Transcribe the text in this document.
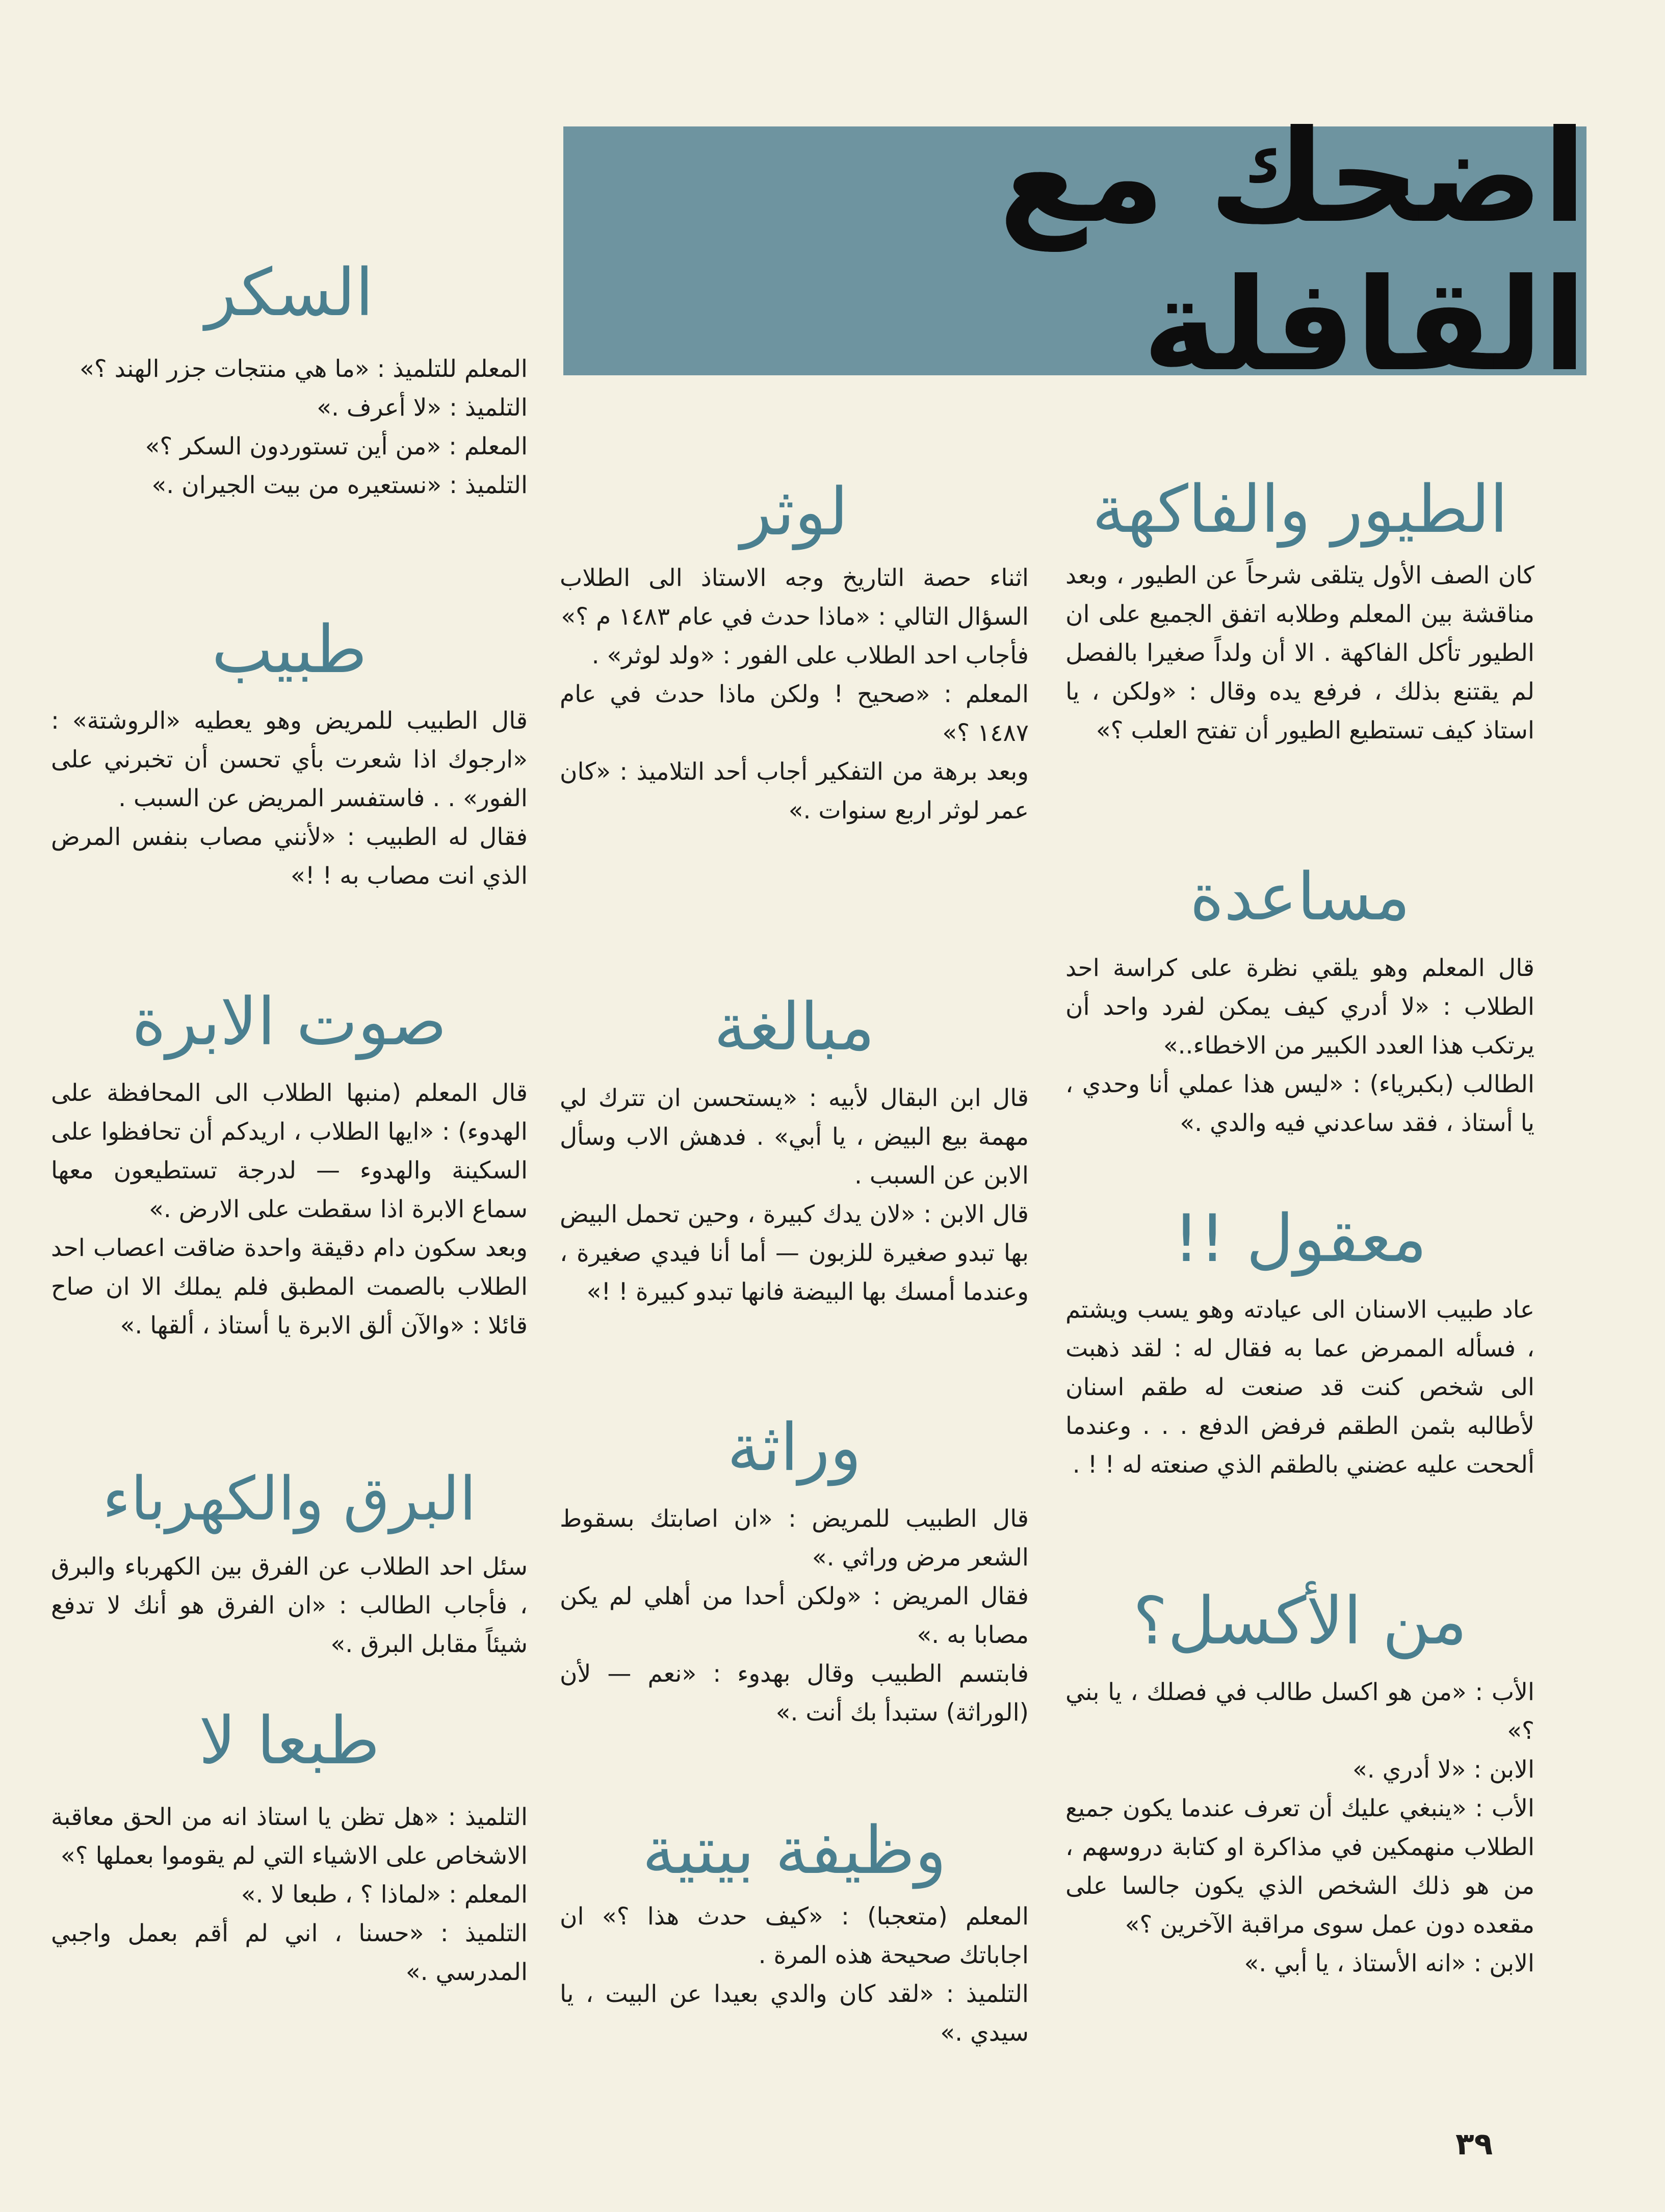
اضحك مع القافلة
الطيور والفاكهة

كان الصف الأول يتلقى شرحاً عن الطيور ، وبعد مناقشة بين المعلم وطلابه اتفق الجميع على ان الطيور تأكل الفاكهة . الا أن ولداً صغيرا بالفصل لم يقتنع بذلك ، فرفع يده وقال : «ولكن ، يا استاذ كيف تستطيع الطيور أن تفتح العلب ؟»

مساعدة

قال المعلم وهو يلقي نظرة على كراسة احد الطلاب : «لا أدري كيف يمكن لفرد واحد أن يرتكب هذا العدد الكبير من الاخطاء..»

الطالب (بكبرياء) : «ليس هذا عملي أنا وحدي ، يا أستاذ ، فقد ساعدني فيه والدي .»

معقول !!

عاد طبيب الاسنان الى عيادته وهو يسب ويشتم ، فسأله الممرض عما به فقال له : لقد ذهبت الى شخص كنت قد صنعت له طقم اسنان لأطالبه بثمن الطقم فرفض الدفع . . . وعندما ألححت عليه عضني بالطقم الذي صنعته له ! ! .

من الأكسل؟

الأب : «من هو اكسل طالب في فصلك ، يا بني ؟»

الابن : «لا أدري .»

الأب : «ينبغي عليك أن تعرف عندما يكون جميع الطلاب منهمكين في مذاكرة او كتابة دروسهم ، من هو ذلك الشخص الذي يكون جالسا على مقعده دون عمل سوى مراقبة الآخرين ؟»

الابن : «انه الأستاذ ، يا أبي .»

لوثر

اثناء حصة التاريخ وجه الاستاذ الى الطلاب السؤال التالي : «ماذا حدث في عام ١٤٨٣ م ؟»

فأجاب احد الطلاب على الفور : «ولد لوثر» .

المعلم : «صحيح ! ولكن ماذا حدث في عام ١٤٨٧ ؟»

وبعد برهة من التفكير أجاب أحد التلاميذ : «كان عمر لوثر اربع سنوات .»

مبالغة

قال ابن البقال لأبيه : «يستحسن ان تترك لي مهمة بيع البيض ، يا أبي» . فدهش الاب وسأل الابن عن السبب .

قال الابن : «لان يدك كبيرة ، وحين تحمل البيض بها تبدو صغيرة للزبون — أما أنا فيدي صغيرة ، وعندما أمسك بها البيضة فانها تبدو كبيرة ! !»

وراثة

قال الطبيب للمريض : «ان اصابتك بسقوط الشعر مرض وراثي .»

فقال المريض : «ولكن أحدا من أهلي لم يكن مصابا به .»

فابتسم الطبيب وقال بهدوء : «نعم — لأن (الوراثة) ستبدأ بك أنت .»

وظيفة بيتية

المعلم (متعجبا) : «كيف حدث هذا ؟» ان اجاباتك صحيحة هذه المرة .

التلميذ : «لقد كان والدي بعيدا عن البيت ، يا سيدي .»

السكر

المعلم للتلميذ : «ما هي منتجات جزر الهند ؟»

التلميذ : «لا أعرف .»

المعلم : «من أين تستوردون السكر ؟»

التلميذ : «نستعيره من بيت الجيران .»

طبيب

قال الطبيب للمريض وهو يعطيه «الروشتة» : «ارجوك اذا شعرت بأي تحسن أن تخبرني على الفور» . . فاستفسر المريض عن السبب .

فقال له الطبيب : «لأنني مصاب بنفس المرض الذي انت مصاب به ! !»

صوت الابرة

قال المعلم (منبها الطلاب الى المحافظة على الهدوء) : «ايها الطلاب ، اريدكم أن تحافظوا على السكينة والهدوء — لدرجة تستطيعون معها سماع الابرة اذا سقطت على الارض .»

وبعد سكون دام دقيقة واحدة ضاقت اعصاب احد الطلاب بالصمت المطبق فلم يملك الا ان صاح قائلا : «والآن ألق الابرة يا أستاذ ، ألقها .»

البرق والكهرباء

سئل احد الطلاب عن الفرق بين الكهرباء والبرق ، فأجاب الطالب : «ان الفرق هو أنك لا تدفع شيئاً مقابل البرق .»

طبعا لا

التلميذ : «هل تظن يا استاذ انه من الحق معاقبة الاشخاص على الاشياء التي لم يقوموا بعملها ؟»

المعلم : «لماذا ؟ ، طبعا لا .»

التلميذ : «حسنا ، اني لم أقم بعمل واجبي المدرسي .»

٣٩
